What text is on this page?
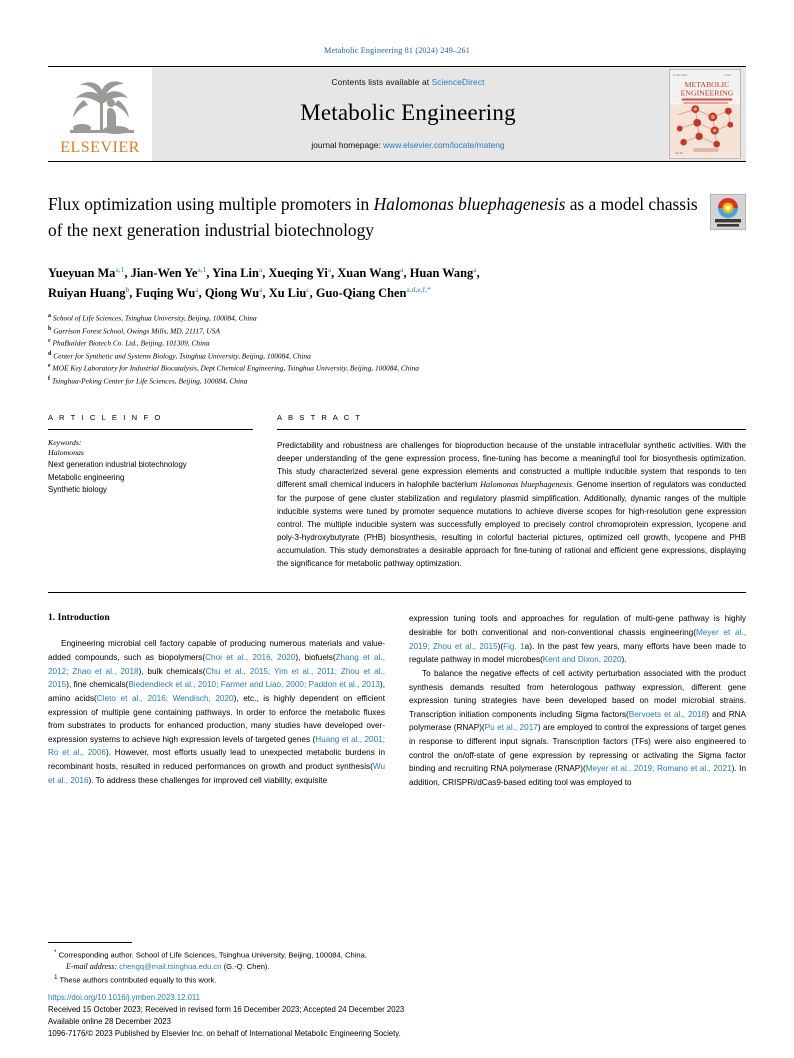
Metabolic Engineering 81 (2024) 249–261
ELSEVIER
Contents lists available at ScienceDirect
Metabolic Engineering
journal homepage: www.elsevier.com/locate/mateng
ELSEVIER	ISSN
METABOLIC
ENGINEERING
Vol 81
Flux optimization using multiple promoters in Halomonas bluephagenesis as a model chassis of the next generation industrial biotechnology
Yueyuan Ma$^{a,1}$, Jian-Wen Ye$^{a,1}$, Yina Lin$^a$, Xueqing Yi$^a$, Xuan Wang$^a$, Huan Wang$^a$,
Ruiyan Huang$^b$, Fuqing Wu$^a$, Qiong Wu$^a$, Xu Liu$^c$, Guo-Qiang Chen$^{a,d,e,f,*}$
$^a$ School of Life Sciences, Tsinghua University, Beijing, 100084, China
$^b$ Garrison Forest School, Owings Mills, MD, 21117, USA
$^c$ PhaBuilder Biotech Co. Ltd., Beijing, 101309, China
$^d$ Center for Synthetic and Systems Biology, Tsinghua University, Beijing, 100084, China
$^e$ MOE Key Laboratory for Industrial Biocatalysis, Dept Chemical Engineering, Tsinghua University, Beijing, 100084, China
$^f$ Tsinghua-Peking Center for Life Sciences, Beijing, 100084, China
A R T I C L E I N F O
Keywords:
Halomonas
Next generation industrial biotechnology
Metabolic engineering
Synthetic biology
A B S T R A C T
Predictability and robustness are challenges for bioproduction because of the unstable intracellular synthetic activities. With the deeper understanding of the gene expression process, fine-tuning has become a meaningful tool for biosynthesis optimization. This study characterized several gene expression elements and constructed a multiple inducible system that responds to ten different small chemical inducers in halophile bacterium Halomonas bluephagenesis. Genome insertion of regulators was conducted for the purpose of gene cluster stabilization and regulatory plasmid simplification. Additionally, dynamic ranges of the multiple inducible systems were tuned by promoter sequence mutations to achieve diverse scopes for high-resolution gene expression control. The multiple inducible system was successfully employed to precisely control chromoprotein expression, lycopene and poly-3-hydroxybutyrate (PHB) biosynthesis, resulting in colorful bacterial pictures, optimized cell growth, lycopene and PHB accumulation. This study demonstrates a desirable approach for fine-tuning of rational and efficient gene expressions, displaying the significance for metabolic pathway optimization.
1. Introduction

Engineering microbial cell factory capable of producing numerous materials and value-added compounds, such as biopolymers(Choi et al., 2016, 2020), biofuels(Zhang et al., 2012; Zhao et al., 2018), bulk chemicals(Chu et al., 2015; Yim et al., 2011; Zhou et al., 2015), fine chemicals(Biedendieck et al., 2010; Farmer and Liao, 2000; Paddon et al., 2013), amino acids(Cleto et al., 2016; Wendisch, 2020), etc., is highly dependent on efficient expression of multiple gene containing pathways. In order to enforce the metabolic fluxes from substrates to products for enhanced production, many studies have developed over-expression systems to achieve high expression levels of targeted genes (Huang et al., 2001; Ro et al., 2006). However, most efforts usually lead to unexpected metabolic burdens in recombinant hosts, resulted in reduced performances on growth and product synthesis(Wu et al., 2016). To address these challenges for improved cell viability, exquisite

expression tuning tools and approaches for regulation of multi-gene pathway is highly desirable for both conventional and non-conventional chassis engineering(Meyer et al., 2019; Zhou et al., 2015)(Fig. 1a). In the past few years, many efforts have been made to regulate pathway in model microbes(Kent and Dixon, 2020).

To balance the negative effects of cell activity perturbation associated with the product synthesis demands resulted from heterologous pathway expression, different gene expression tuning strategies have been developed based on model microbial strains. Transcription initiation components including Sigma factors(Bervoets et al., 2018) and RNA polymerase (RNAP)(Pu et al., 2017) are employed to control the expressions of target genes in response to different input signals. Transcription factors (TFs) were also engineered to control the on/off-state of gene expression by repressing or activating the Sigma factor binding and recruiting RNA polymerase (RNAP)(Meyer et al., 2019; Romano et al., 2021). In addition, CRISPRi/dCas9-based editing tool was employed to

* Corresponding author. School of Life Sciences, Tsinghua University, Beijing, 100084, China.
E-mail address: chengq@mail.tsinghua.edu.cn (G.-Q. Chen).
$^1$ These authors contributed equally to this work.
https://doi.org/10.1016/j.ymben.2023.12.011
Received 15 October 2023; Received in revised form 16 December 2023; Accepted 24 December 2023
Available online 28 December 2023
1096-7176/© 2023 Published by Elsevier Inc. on behalf of International Metabolic Engineering Society.
